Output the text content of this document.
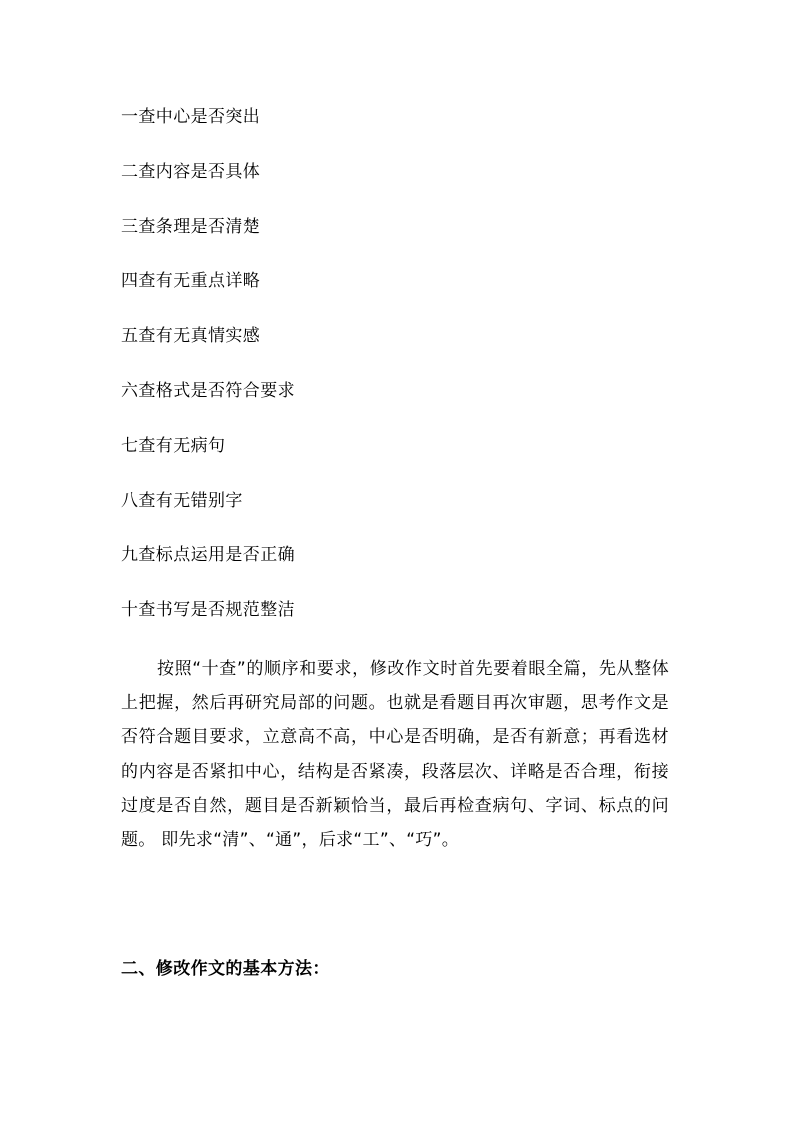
一查中心是否突出

二查内容是否具体

三查条理是否清楚

四查有无重点详略

五查有无真情实感

六查格式是否符合要求

七查有无病句

八查有无错别字

九查标点运用是否正确

十查书写是否规范整洁

按照“十查”的顺序和要求，修改作文时首先要着眼全篇，先从整体上把握，然后再研究局部的问题。也就是看题目再次审题，思考作文是否符合题目要求，立意高不高，中心是否明确，是否有新意；再看选材的内容是否紧扣中心，结构是否紧凑，段落层次、详略是否合理，衔接过度是否自然，题目是否新颖恰当，最后再检查病句、字词、标点的问题。 即先求“清”、“通”，后求“工”、“巧”。

二、修改作文的基本方法：
